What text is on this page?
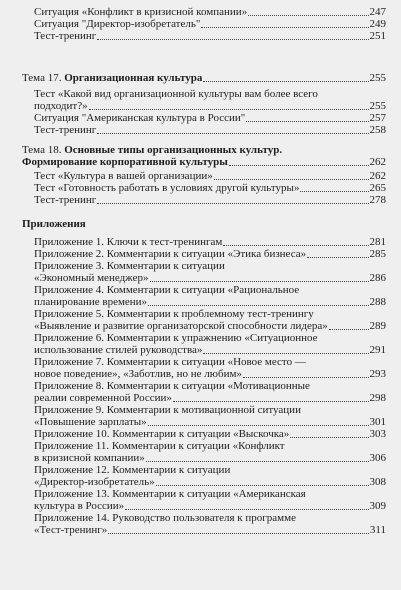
Ситуация «Конфликт в кризисной компании»	247
Ситуация "Директор-изобретатель"	249
Тест-тренинг	251
Тема 17. Организационная культура	255
Тест «Какой вид организационной культуры вам более всего
подходит?»	255
Ситуация "Американская культура в России"	257
Тест-тренинг	258
Тема 18. Основные типы организационных культур.
Формирование корпоративной культуры	262
Тест «Культура в вашей организации»	262
Тест «Готовность работать в условиях другой культуры»	265
Тест-тренинг	278
Приложения
Приложение 1. Ключи к тест-тренингам	281
Приложение 2. Комментарии к ситуации «Этика бизнеса»	285
Приложение 3. Комментарии к ситуации
«Экономный менеджер»	286
Приложение 4. Комментарии к ситуации «Рациональное
планирование времени»	288
Приложение 5. Комментарии к проблемному тест-тренингу
«Выявление и развитие организаторской способности лидера»	289
Приложение 6. Комментарии к упражнению «Ситуационное
использование стилей руководства»	291
Приложение 7. Комментарии к ситуации «Новое место —
новое поведение», «Заботлив, но не любим»	293
Приложение 8. Комментарии к ситуации «Мотивационные
реалии современной России»	298
Приложение 9. Комментарии к мотивационной ситуации
«Повышение зарплаты»	301
Приложение 10. Комментарии к ситуации «Выскочка»	303
Приложение 11. Комментарии к ситуации «Конфликт
в кризисной компании»	306
Приложение 12. Комментарии к ситуации
«Директор-изобретатель»	308
Приложение 13. Комментарии к ситуации «Американская
культура в России»	309
Приложение 14. Руководство пользователя к программе
«Тест-тренинг»	311
